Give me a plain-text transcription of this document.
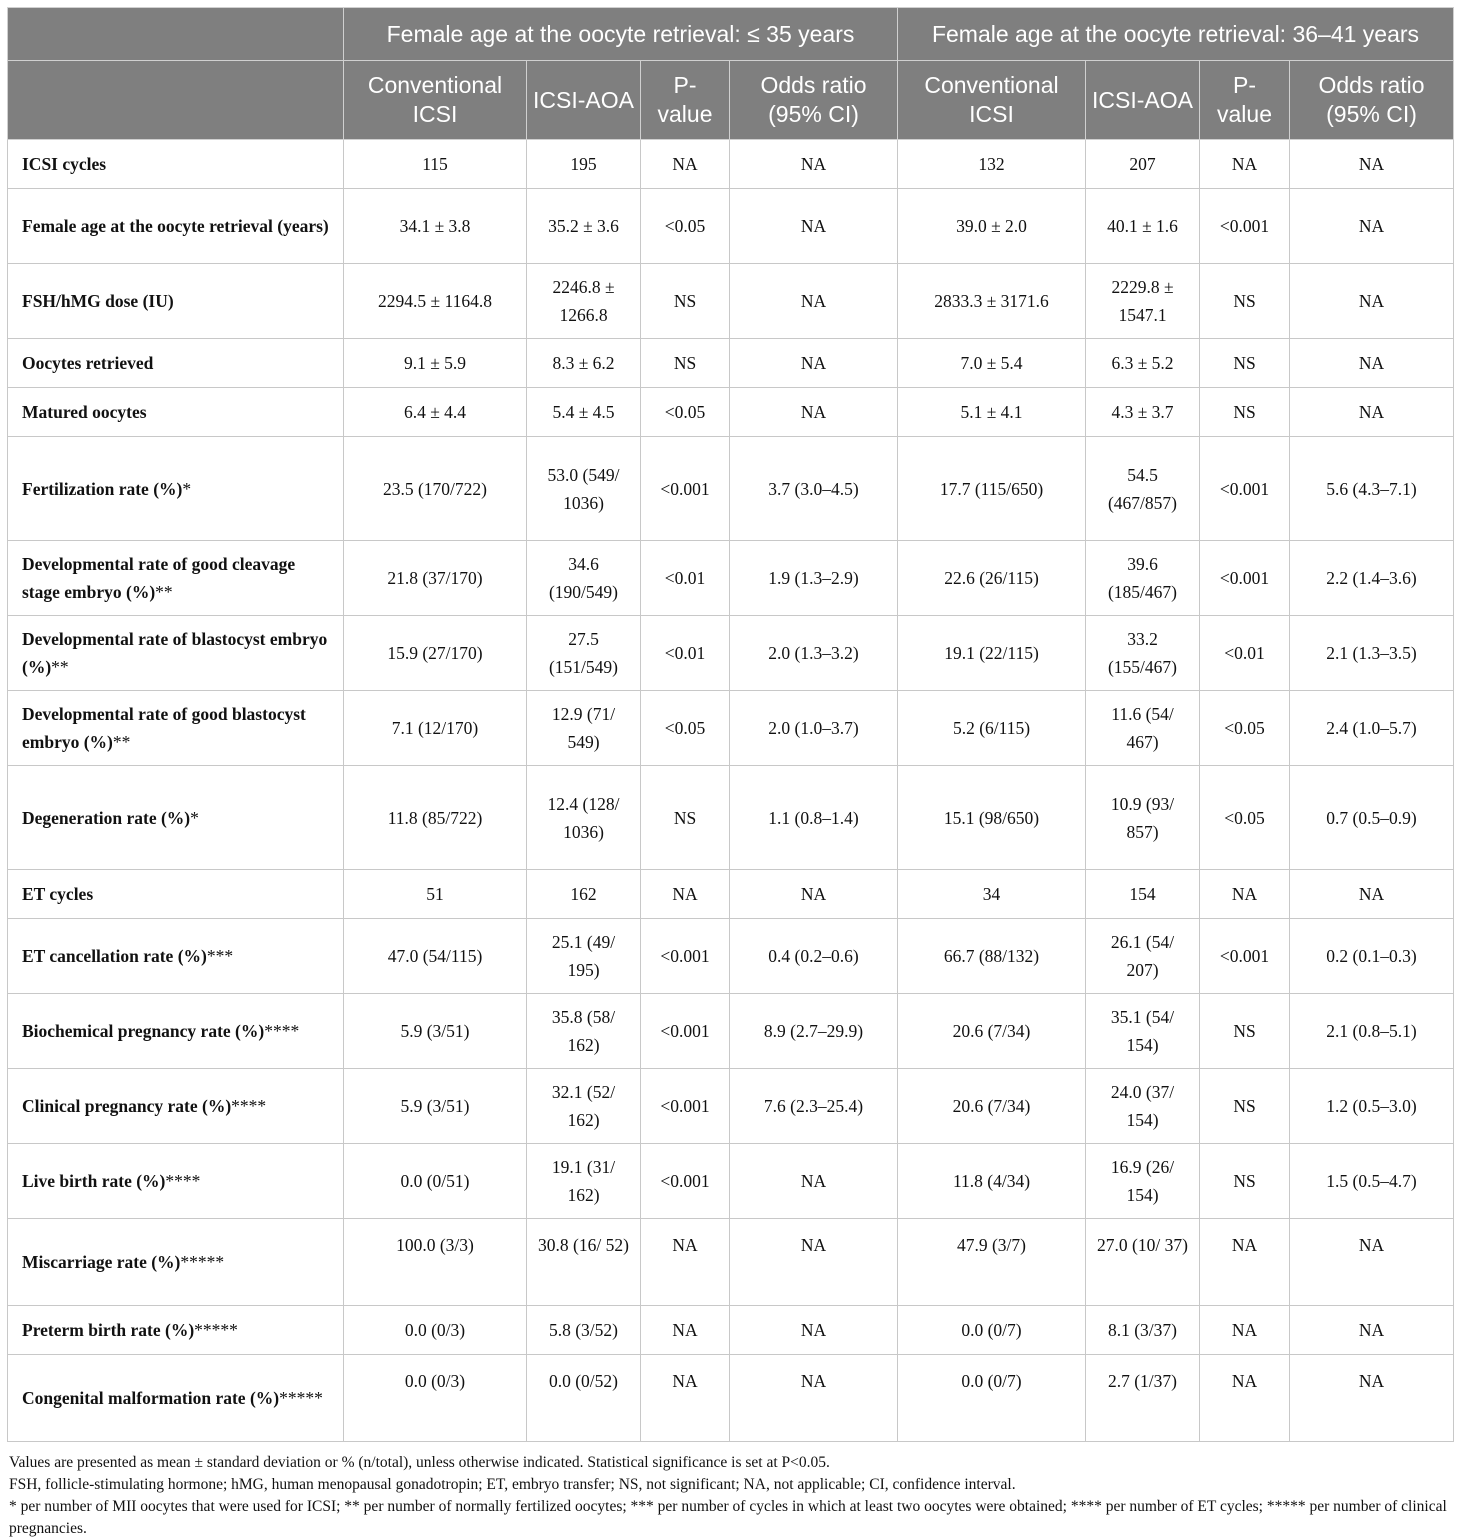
	Female age at the oocyte retrieval: ≤ 35 years				Female age at the oocyte retrieval: 36–41 years			
	Conventional ICSI	ICSI-AOA	P-value	Odds ratio (95% CI)	Conventional ICSI	ICSI-AOA	P-value	Odds ratio (95% CI)
ICSI cycles	115	195	NA	NA	132	207	NA	NA
Female age at the oocyte retrieval (years)	34.1 ± 3.8	35.2 ± 3.6	<0.05	NA	39.0 ± 2.0	40.1 ± 1.6	<0.001	NA
FSH/hMG dose (IU)	2294.5 ± 1164.8	2246.8 ± 1266.8	NS	NA	2833.3 ± 3171.6	2229.8 ± 1547.1	NS	NA
Oocytes retrieved	9.1 ± 5.9	8.3 ± 6.2	NS	NA	7.0 ± 5.4	6.3 ± 5.2	NS	NA
Matured oocytes	6.4 ± 4.4	5.4 ± 4.5	<0.05	NA	5.1 ± 4.1	4.3 ± 3.7	NS	NA
Fertilization rate (%)*	23.5 (170/722)	53.0 (549/ 1036)	<0.001	3.7 (3.0–4.5)	17.7 (115/650)	54.5 (467/857)	<0.001	5.6 (4.3–7.1)
Developmental rate of good cleavage stage embryo (%)**	21.8 (37/170)	34.6 (190/549)	<0.01	1.9 (1.3–2.9)	22.6 (26/115)	39.6 (185/467)	<0.001	2.2 (1.4–3.6)
Developmental rate of blastocyst embryo (%)**	15.9 (27/170)	27.5 (151/549)	<0.01	2.0 (1.3–3.2)	19.1 (22/115)	33.2 (155/467)	<0.01	2.1 (1.3–3.5)
Developmental rate of good blastocyst embryo (%)**	7.1 (12/170)	12.9 (71/ 549)	<0.05	2.0 (1.0–3.7)	5.2 (6/115)	11.6 (54/ 467)	<0.05	2.4 (1.0–5.7)
Degeneration rate (%)*	11.8 (85/722)	12.4 (128/ 1036)	NS	1.1 (0.8–1.4)	15.1 (98/650)	10.9 (93/ 857)	<0.05	0.7 (0.5–0.9)
ET cycles	51	162	NA	NA	34	154	NA	NA
ET cancellation rate (%)***	47.0 (54/115)	25.1 (49/ 195)	<0.001	0.4 (0.2–0.6)	66.7 (88/132)	26.1 (54/ 207)	<0.001	0.2 (0.1–0.3)
Biochemical pregnancy rate (%)****	5.9 (3/51)	35.8 (58/ 162)	<0.001	8.9 (2.7–29.9)	20.6 (7/34)	35.1 (54/ 154)	NS	2.1 (0.8–5.1)
Clinical pregnancy rate (%)****	5.9 (3/51)	32.1 (52/ 162)	<0.001	7.6 (2.3–25.4)	20.6 (7/34)	24.0 (37/ 154)	NS	1.2 (0.5–3.0)
Live birth rate (%)****	0.0 (0/51)	19.1 (31/ 162)	<0.001	NA	11.8 (4/34)	16.9 (26/ 154)	NS	1.5 (0.5–4.7)
Miscarriage rate (%)*****	100.0 (3/3)	30.8 (16/ 52)	NA	NA	47.9 (3/7)	27.0 (10/ 37)	NA	NA
Preterm birth rate (%)*****	0.0 (0/3)	5.8 (3/52)	NA	NA	0.0 (0/7)	8.1 (3/37)	NA	NA
Congenital malformation rate (%)*****	0.0 (0/3)	0.0 (0/52)	NA	NA	0.0 (0/7)	2.7 (1/37)	NA	NA

Values are presented as mean ± standard deviation or % (n/total), unless otherwise indicated. Statistical significance is set at P<0.05.

FSH, follicle-stimulating hormone; hMG, human menopausal gonadotropin; ET, embryo transfer; NS, not significant; NA, not applicable; CI, confidence interval.

* per number of MII oocytes that were used for ICSI; ** per number of normally fertilized oocytes; *** per number of cycles in which at least two oocytes were obtained; **** per number of ET cycles; ***** per number of clinical pregnancies.
